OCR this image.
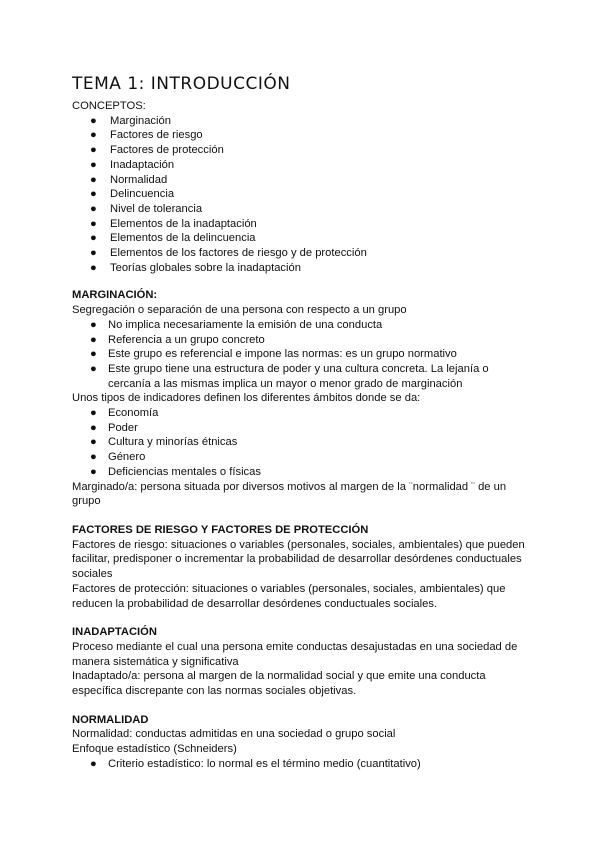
TEMA 1: INTRODUCCIÓN
CONCEPTOS:
● Marginación
● Factores de riesgo
● Factores de protección
● Inadaptación
● Normalidad
● Delincuencia
● Nivel de tolerancia
● Elementos de la inadaptación
● Elementos de la delincuencia
● Elementos de los factores de riesgo y de protección
● Teorías globales sobre la inadaptación
MARGINACIÓN:

Segregación o separación de una persona con respecto a un grupo

● No implica necesariamente la emisión de una conducta
● Referencia a un grupo concreto
● Este grupo es referencial e impone las normas: es un grupo normativo
● Este grupo tiene una estructura de poder y una cultura concreta. La lejanía o cercanía a las mismas implica un mayor o menor grado de marginación

Unos tipos de indicadores definen los diferentes ámbitos donde se da:

● Economía
● Poder
● Cultura y minorías étnicas
● Género
● Deficiencias mentales o físicas

Marginado/a: persona situada por diversos motivos al margen de la ¨normalidad ¨ de un grupo

FACTORES DE RIESGO Y FACTORES DE PROTECCIÓN

Factores de riesgo: situaciones o variables (personales, sociales, ambientales) que pueden facilitar, predisponer o incrementar la probabilidad de desarrollar desórdenes conductuales sociales

Factores de protección: situaciones o variables (personales, sociales, ambientales) que reducen la probabilidad de desarrollar desórdenes conductuales sociales.

INADAPTACIÓN

Proceso mediante el cual una persona emite conductas desajustadas en una sociedad de manera sistemática y significativa

Inadaptado/a: persona al margen de la normalidad social y que emite una conducta específica discrepante con las normas sociales objetivas.

NORMALIDAD

Normalidad: conductas admitidas en una sociedad o grupo social

Enfoque estadístico (Schneiders)

● Criterio estadístico: lo normal es el término medio (cuantitativo)
